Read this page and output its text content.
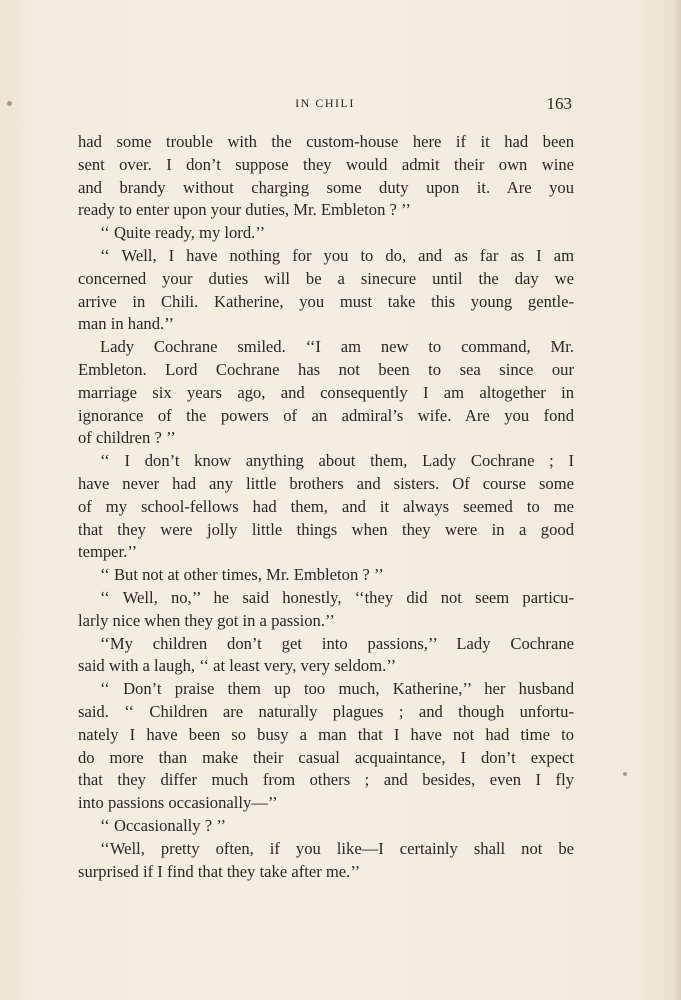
IN CHILI	163
had some trouble with the custom-house here if it had been
sent over. I don’t suppose they would admit their own wine
and brandy without charging some duty upon it. Are you
ready to enter upon your duties, Mr. Embleton ? ’’
‘‘ Quite ready, my lord.’’
‘‘ Well, I have nothing for you to do, and as far as I am
concerned your duties will be a sinecure until the day we
arrive in Chili. Katherine, you must take this young gentle-
man in hand.’’
Lady Cochrane smiled. ‘‘I am new to command, Mr.
Embleton. Lord Cochrane has not been to sea since our
marriage six years ago, and consequently I am altogether in
ignorance of the powers of an admiral’s wife. Are you fond
of children ? ’’
‘‘ I don’t know anything about them, Lady Cochrane ; I
have never had any little brothers and sisters. Of course some
of my school-fellows had them, and it always seemed to me
that they were jolly little things when they were in a good
temper.’’
‘‘ But not at other times, Mr. Embleton ? ’’
‘‘ Well, no,’’ he said honestly, ‘‘they did not seem particu-
larly nice when they got in a passion.’’
‘‘My children don’t get into passions,’’ Lady Cochrane
said with a laugh, ‘‘ at least very, very seldom.’’
‘‘ Don’t praise them up too much, Katherine,’’ her husband
said. ‘‘ Children are naturally plagues ; and though unfortu-
nately I have been so busy a man that I have not had time to
do more than make their casual acquaintance, I don’t expect
that they differ much from others ; and besides, even I fly
into passions occasionally—’’
‘‘ Occasionally ? ’’
‘‘Well, pretty often, if you like—I certainly shall not be
surprised if I find that they take after me.’’
